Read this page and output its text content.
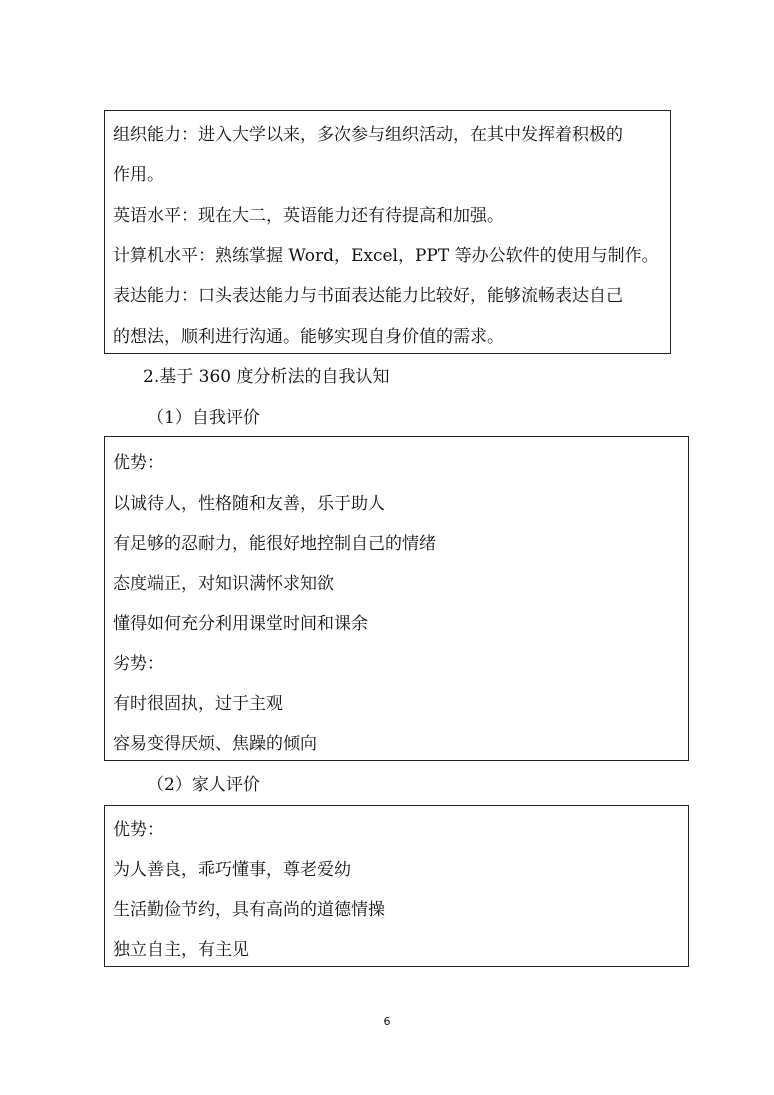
组织能力：进入大学以来，多次参与组织活动，在其中发挥着积极的
作用。
英语水平：现在大二，英语能力还有待提高和加强。
计算机水平：熟练掌握 Word，Excel，PPT 等办公软件的使用与制作。
表达能力：口头表达能力与书面表达能力比较好，能够流畅表达自己
的想法，顺利进行沟通。能够实现自身价值的需求。
2.基于 360 度分析法的自我认知
（1）自我评价
优势：
以诚待人，性格随和友善，乐于助人
有足够的忍耐力，能很好地控制自己的情绪
态度端正，对知识满怀求知欲
懂得如何充分利用课堂时间和课余
劣势：
有时很固执，过于主观
容易变得厌烦、焦躁的倾向
（2）家人评价
优势：
为人善良，乖巧懂事，尊老爱幼
生活勤俭节约，具有高尚的道德情操
独立自主，有主见
6
